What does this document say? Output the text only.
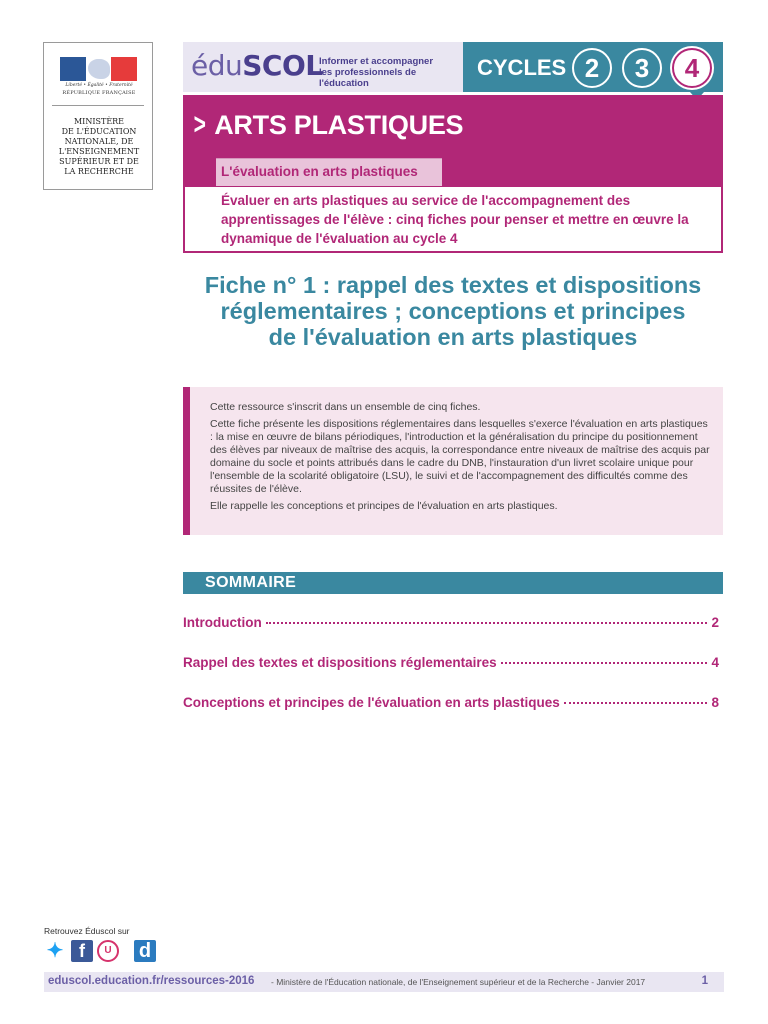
Liberté • Égalité • Fraternité
RÉPUBLIQUE FRANÇAISE
MINISTÈRE
DE L'ÉDUCATION
NATIONALE, DE
L'ENSEIGNEMENT
SUPÉRIEUR ET DE
LA RECHERCHE
éduSCOL
Informer et accompagner
les professionnels de l'éducation
CYCLES 2	3	4
> ARTS PLASTIQUES
L'évaluation en arts plastiques

Évaluer en arts plastiques au service de l'accompagnement des apprentissages de l'élève : cinq fiches pour penser et mettre en œuvre la dynamique de l'évaluation au cycle 4

Fiche n° 1 : rappel des textes et dispositions
réglementaires ; conceptions et principes
de l'évaluation en arts plastiques

Cette ressource s'inscrit dans un ensemble de cinq fiches.

Cette fiche présente les dispositions réglementaires dans lesquelles s'exerce l'évaluation en arts plastiques : la mise en œuvre de bilans périodiques, l'introduction et la généralisation du principe du positionnement des élèves par niveaux de maîtrise des acquis, la correspondance entre niveaux de maîtrise des acquis par domaine du socle et points attribués dans le cadre du DNB, l'instauration d'un livret scolaire unique pour l'ensemble de la scolarité obligatoire (LSU), le suivi et de l'accompagnement des difficultés comme des réussites de l'élève.

Elle rappelle les conceptions et principes de l'évaluation en arts plastiques.

SOMMAIRE
Introduction	2
Rappel des textes et dispositions réglementaires	4
Conceptions et principes de l'évaluation en arts plastiques	8
Retrouvez Éduscol sur
✦ f	U	d
eduscol.education.fr/ressources-2016 - Ministère de l'Éducation nationale, de l'Enseignement supérieur et de la Recherche - Janvier 2017	1
